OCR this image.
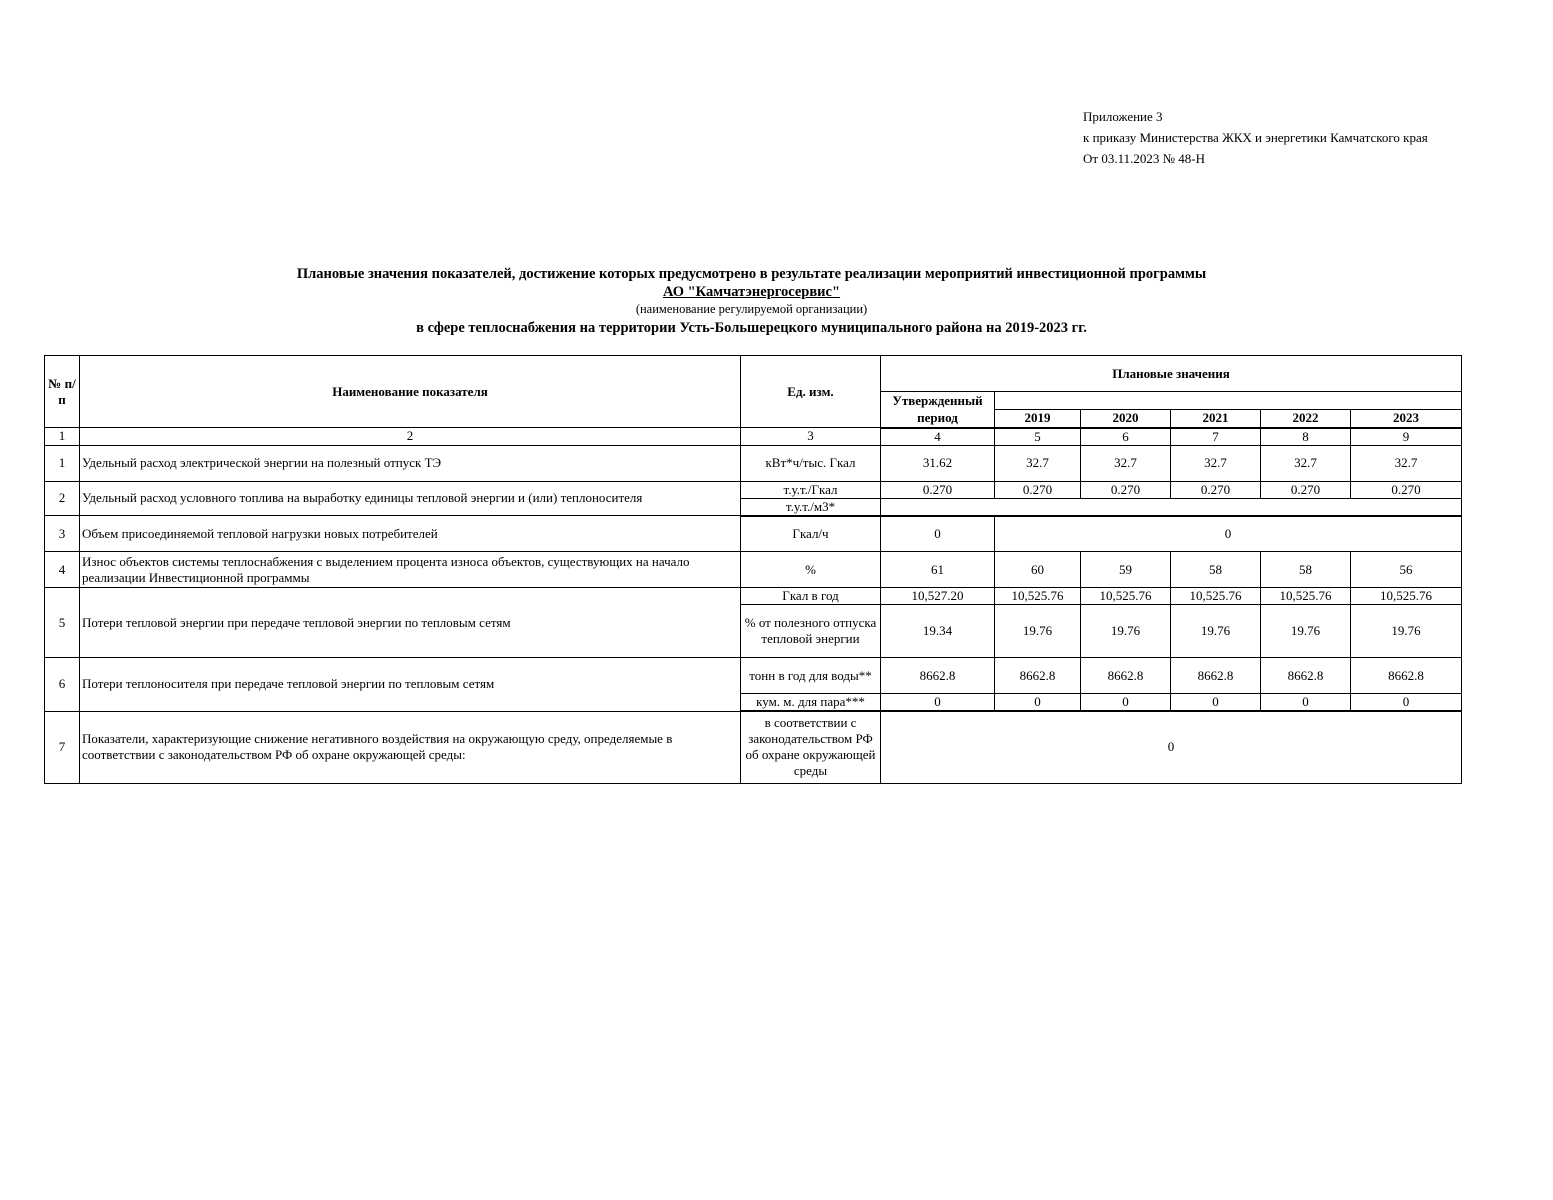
Приложение 3
к приказу Министерства ЖКХ и энергетики Камчатского края
От 03.11.2023 № 48-Н
Плановые значения показателей, достижение которых предусмотрено в результате реализации мероприятий инвестиционной программы
АО "Камчатэнергосервис"
(наименование регулируемой организации)
в сфере теплоснабжения на территории Усть-Большерецкого муниципального района на 2019-2023 гг.
№ п/п	Наименование показателя	Ед. изм.	Плановые значения					
			Утвержденный					
			период	2019	2020	2021	2022	2023
1	2	3	4	5	6	7	8	9
1	Удельный расход электрической энергии на полезный отпуск ТЭ	кВт*ч/тыс. Гкал	31.62	32.7	32.7	32.7	32.7	32.7
2	Удельный расход условного топлива на выработку единицы тепловой энергии и (или) теплоносителя	т.у.т./Гкал	0.270	0.270	0.270	0.270	0.270	0.270
		т.у.т./м3*						
3	Объем присоединяемой тепловой нагрузки новых потребителей	Гкал/ч	0	0				
4	Износ объектов системы теплоснабжения с выделением процента износа объектов, существующих на начало реализации Инвестиционной программы	%	61	60	59	58	58	56
5	Потери тепловой энергии при передаче тепловой энергии по тепловым сетям	Гкал в год	10,527.20	10,525.76	10,525.76	10,525.76	10,525.76	10,525.76
		% от полезного отпуска тепловой энергии	19.34	19.76	19.76	19.76	19.76	19.76
6	Потери теплоносителя при передаче тепловой энергии по тепловым сетям	тонн в год для воды**	8662.8	8662.8	8662.8	8662.8	8662.8	8662.8
		кум. м. для пара***	0	0	0	0	0	0
7	Показатели, характеризующие снижение негативного воздействия на окружающую среду, определяемые в соответствии с законодательством РФ об охране окружающей среды:	в соответствии с законодательством РФ об охране окружающей среды	0					
